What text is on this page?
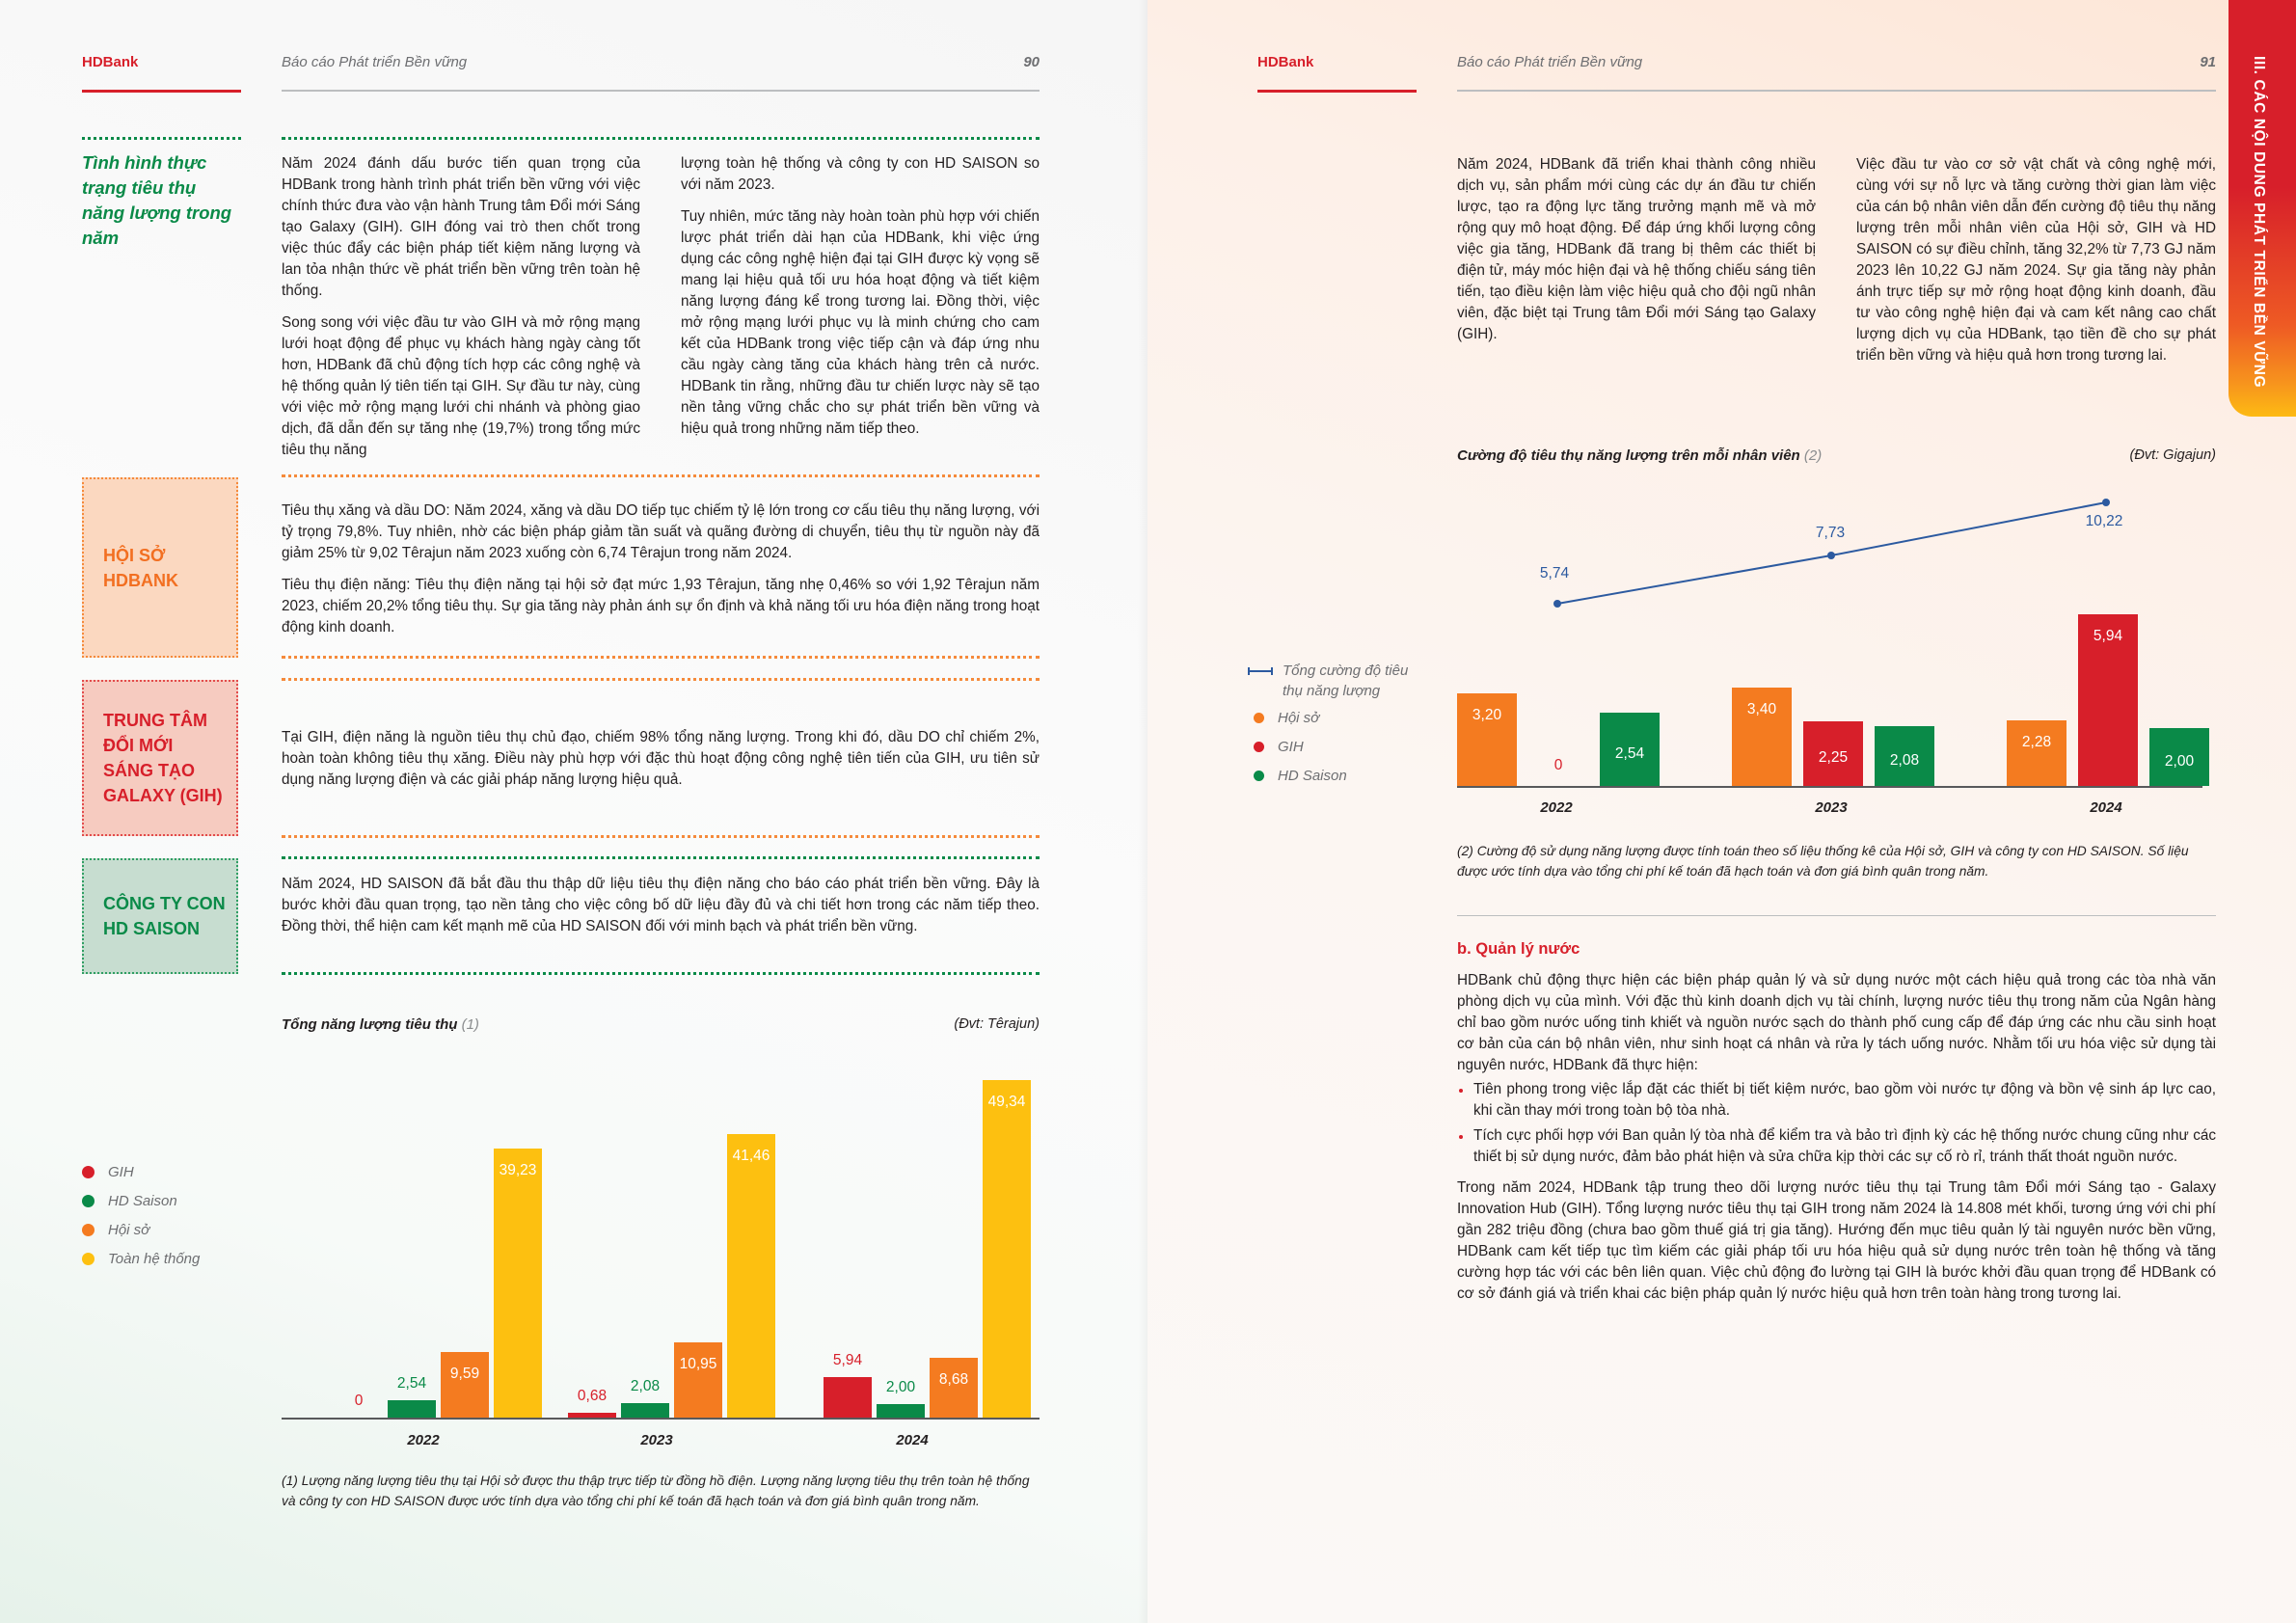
HDBank	Báo cáo Phát triển Bền vững	90
Tình hình thực trạng tiêu thụ năng lượng trong năm

Năm 2024 đánh dấu bước tiến quan trọng của HDBank trong hành trình phát triển bền vững với việc chính thức đưa vào vận hành Trung tâm Đổi mới Sáng tạo Galaxy (GIH). GIH đóng vai trò then chốt trong việc thúc đẩy các biện pháp tiết kiệm năng lượng và lan tỏa nhận thức về phát triển bền vững trên toàn hệ thống.

Song song với việc đầu tư vào GIH và mở rộng mạng lưới hoạt động để phục vụ khách hàng ngày càng tốt hơn, HDBank đã chủ động tích hợp các công nghệ và hệ thống quản lý tiên tiến tại GIH. Sự đầu tư này, cùng với việc mở rộng mạng lưới chi nhánh và phòng giao dịch, đã dẫn đến sự tăng nhẹ (19,7%) trong tổng mức tiêu thụ năng

lượng toàn hệ thống và công ty con HD SAISON so với năm 2023.

Tuy nhiên, mức tăng này hoàn toàn phù hợp với chiến lược phát triển dài hạn của HDBank, khi việc ứng dụng các công nghệ hiện đại tại GIH được kỳ vọng sẽ mang lại hiệu quả tối ưu hóa hoạt động và tiết kiệm năng lượng đáng kể trong tương lai. Đồng thời, việc mở rộng mạng lưới phục vụ là minh chứng cho cam kết của HDBank trong việc tiếp cận và đáp ứng nhu cầu ngày càng tăng của khách hàng trên cả nước. HDBank tin rằng, những đầu tư chiến lược này sẽ tạo nền tảng vững chắc cho sự phát triển bền vững và hiệu quả trong những năm tiếp theo.

HỘI SỞ HDBANK

Tiêu thụ xăng và dầu DO: Năm 2024, xăng và dầu DO tiếp tục chiếm tỷ lệ lớn trong cơ cấu tiêu thụ năng lượng, với tỷ trọng 79,8%. Tuy nhiên, nhờ các biện pháp giảm tần suất và quãng đường di chuyển, tiêu thụ từ nguồn này đã giảm 25% từ 9,02 Têrajun năm 2023 xuống còn 6,74 Têrajun trong năm 2024.

Tiêu thụ điện năng: Tiêu thụ điện năng tại hội sở đạt mức 1,93 Têrajun, tăng nhẹ 0,46% so với 1,92 Têrajun năm 2023, chiếm 20,2% tổng tiêu thụ. Sự gia tăng này phản ánh sự ổn định và khả năng tối ưu hóa điện năng trong hoạt động kinh doanh.

TRUNG TÂM ĐỔI MỚI SÁNG TẠO GALAXY (GIH)

Tại GIH, điện năng là nguồn tiêu thụ chủ đạo, chiếm 98% tổng năng lượng. Trong khi đó, dầu DO chỉ chiếm 2%, hoàn toàn không tiêu thụ xăng. Điều này phù hợp với đặc thù hoạt động công nghệ tiên tiến của GIH, ưu tiên sử dụng năng lượng điện và các giải pháp năng lượng hiệu quả.

CÔNG TY CON HD SAISON

Năm 2024, HD SAISON đã bắt đầu thu thập dữ liệu tiêu thụ điện năng cho báo cáo phát triển bền vững. Đây là bước khởi đầu quan trọng, tạo nền tảng cho việc công bố dữ liệu đầy đủ và chi tiết hơn trong các năm tiếp theo. Đồng thời, thể hiện cam kết mạnh mẽ của HD SAISON đối với minh bạch và phát triển bền vững.

Tổng năng lượng tiêu thụ (1)	(Đvt: Têrajun)
GIH
HD Saison
Hội sở
Toàn hệ thống
0
2,54
9,59
39,23
2022
0,68
2,08
10,95
41,46
2023
5,94
2,00	8,68
49,34
2024
(1) Lượng năng lượng tiêu thụ tại Hội sở được thu thập trực tiếp từ đồng hồ điện. Lượng năng lượng tiêu thụ trên toàn hệ thống và công ty con HD SAISON được ước tính dựa vào tổng chi phí kế toán đã hạch toán và đơn giá bình quân trong năm.
HDBank	Báo cáo Phát triển Bền vững	91 III. CÁC NỘI DUNG PHÁT TRIỂN BỀN VỮNG
Năm 2024, HDBank đã triển khai thành công nhiều dịch vụ, sản phẩm mới cùng các dự án đầu tư chiến lược, tạo ra động lực tăng trưởng mạnh mẽ và mở rộng quy mô hoạt động. Để đáp ứng khối lượng công việc gia tăng, HDBank đã trang bị thêm các thiết bị điện tử, máy móc hiện đại và hệ thống chiếu sáng tiên tiến, tạo điều kiện làm việc hiệu quả cho đội ngũ nhân viên, đặc biệt tại Trung tâm Đổi mới Sáng tạo Galaxy (GIH).
Việc đầu tư vào cơ sở vật chất và công nghệ mới, cùng với sự nỗ lực và tăng cường thời gian làm việc của cán bộ nhân viên dẫn đến cường độ tiêu thụ năng lượng trên mỗi nhân viên của Hội sở, GIH và HD SAISON có sự điều chỉnh, tăng 32,2% từ 7,73 GJ năm 2023 lên 10,22 GJ năm 2024. Sự gia tăng này phản ánh trực tiếp sự mở rộng hoạt động kinh doanh, đầu tư vào công nghệ hiện đại và cam kết nâng cao chất lượng dịch vụ của HDBank, tạo tiền đề cho sự phát triển bền vững và hiệu quả hơn trong tương lai.
Cường độ tiêu thụ năng lượng trên mỗi nhân viên (2)	(Đvt: Gigajun)
Tổng cường độ tiêu thụ năng lượng
Hội sở
GIH
HD Saison
3,20
0
2,54
2022
3,40
2,25	2,08
2023
2,28
5,94
2,00
2024
5,74
7,73
10,22
(2) Cường độ sử dụng năng lượng được tính toán theo số liệu thống kê của Hội sở, GIH và công ty con HD SAISON. Số liệu được ước tính dựa vào tổng chi phí kế toán đã hạch toán và đơn giá bình quân trong năm.
b. Quản lý nước

HDBank chủ động thực hiện các biện pháp quản lý và sử dụng nước một cách hiệu quả trong các tòa nhà văn phòng dịch vụ của mình. Với đặc thù kinh doanh dịch vụ tài chính, lượng nước tiêu thụ trong năm của Ngân hàng chỉ bao gồm nước uống tinh khiết và nguồn nước sạch do thành phố cung cấp để đáp ứng các nhu cầu sinh hoạt cơ bản của cán bộ nhân viên, như sinh hoạt cá nhân và rửa ly tách uống nước. Nhằm tối ưu hóa việc sử dụng tài nguyên nước, HDBank đã thực hiện:

Tiên phong trong việc lắp đặt các thiết bị tiết kiệm nước, bao gồm vòi nước tự động và bồn vệ sinh áp lực cao, khi cần thay mới trong toàn bộ tòa nhà.
Tích cực phối hợp với Ban quản lý tòa nhà để kiểm tra và bảo trì định kỳ các hệ thống nước chung cũng như các thiết bị sử dụng nước, đảm bảo phát hiện và sửa chữa kịp thời các sự cố rò rỉ, tránh thất thoát nguồn nước.

Trong năm 2024, HDBank tập trung theo dõi lượng nước tiêu thụ tại Trung tâm Đổi mới Sáng tạo - Galaxy Innovation Hub (GIH). Tổng lượng nước tiêu thụ tại GIH trong năm 2024 là 14.808 mét khối, tương ứng với chi phí gần 282 triệu đồng (chưa bao gồm thuế giá trị gia tăng). Hướng đến mục tiêu quản lý tài nguyên nước bền vững, HDBank cam kết tiếp tục tìm kiếm các giải pháp tối ưu hóa hiệu quả sử dụng nước trên toàn hệ thống và tăng cường hợp tác với các bên liên quan. Việc chủ động đo lường tại GIH là bước khởi đầu quan trọng để HDBank có cơ sở đánh giá và triển khai các biện pháp quản lý nước hiệu quả hơn trên toàn hàng trong tương lai.
